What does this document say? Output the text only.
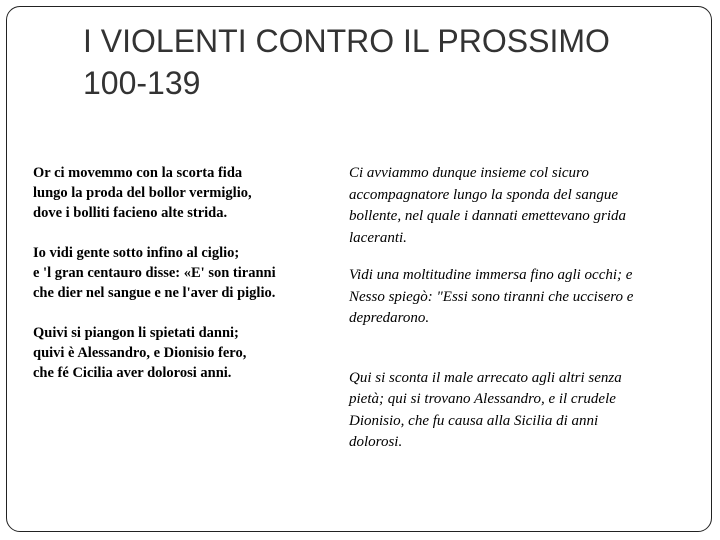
I VIOLENTI CONTRO IL PROSSIMO
100-139
Or ci movemmo con la scorta fida
lungo la proda del bollor vermiglio,
dove i bolliti facieno alte strida.
Io vidi gente sotto infino al ciglio;
e 'l gran centauro disse: «E' son tiranni
che dier nel sangue e ne l'aver di piglio.
Quivi si piangon li spietati danni;
quivi è Alessandro, e Dionisio fero,
che fé Cicilia aver dolorosi anni.
Ci avviammo dunque insieme col sicuro
accompagnatore lungo la sponda del sangue
bollente, nel quale i dannati emettevano grida
laceranti.
Vidi una moltitudine immersa fino agli occhi; e
Nesso spiegò: "Essi sono tiranni che uccisero e
depredarono.
Qui si sconta il male arrecato agli altri senza
pietà; qui si trovano Alessandro, e il crudele
Dionisio, che fu causa alla Sicilia di anni
dolorosi.
